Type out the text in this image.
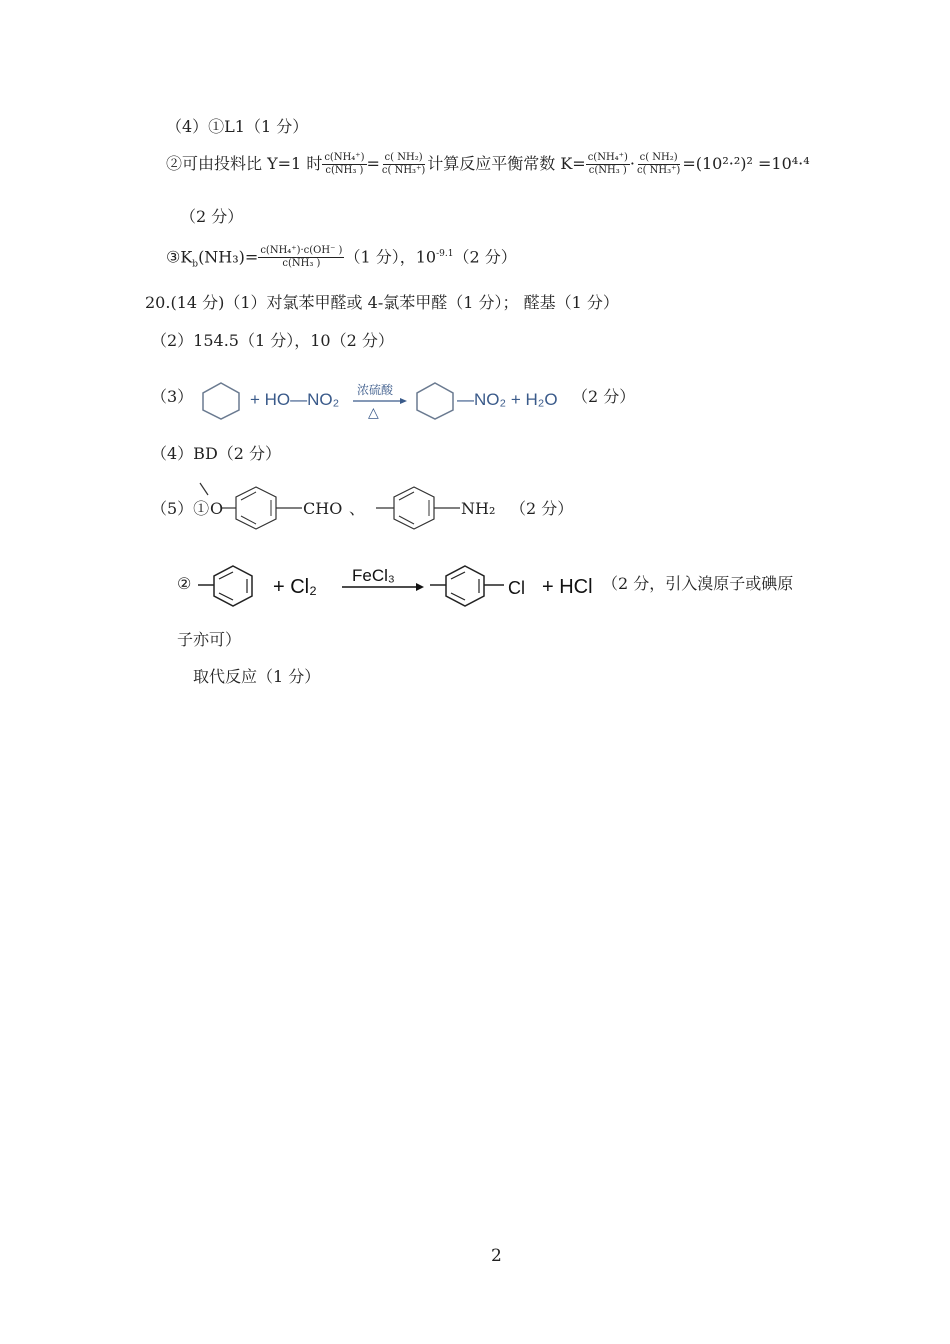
（4）①L1（1 分）
②可由投料比 Y=1 时 $\frac{\text{c(NH₄⁺)}}{\text{c(NH₃ )}} = \frac{\text{c( NH₂)}}{\text{c( NH₃⁺)}}$ 计算反应平衡常数 $K= \frac{\text{c(NH₄⁺)}}{\text{c(NH₃ )}} \cdot \frac{\text{c( NH₂)}}{\text{c( NH₃⁺)}} =(10^2\cdot^2)^2 =10^4\cdot^4$
（2 分）
$③K_b(NH_3)= \frac{\text{c(NH₄⁺)·c(OH⁻ )}}{\text{c(NH₃ )}} (1$ 分），$10^{-9.1}(2$ 分）
20.(14 分)（1）对氯苯甲醛或 4-氯苯甲醛（1 分）； 醛基（1 分）
（2）154.5（1 分），10（2 分）
（3）	+ HO—NO₂ 浓硫酸
△
—NO₂ + H₂O （2 分）
（4）BD（2 分）
（5）① O	CHO 、	NH₂ （2 分）
②	+ Cl₂
FeCl₃
Cl + HCl （2 分，引入溴原子或碘原
子亦可）
取代反应（1 分）
2
